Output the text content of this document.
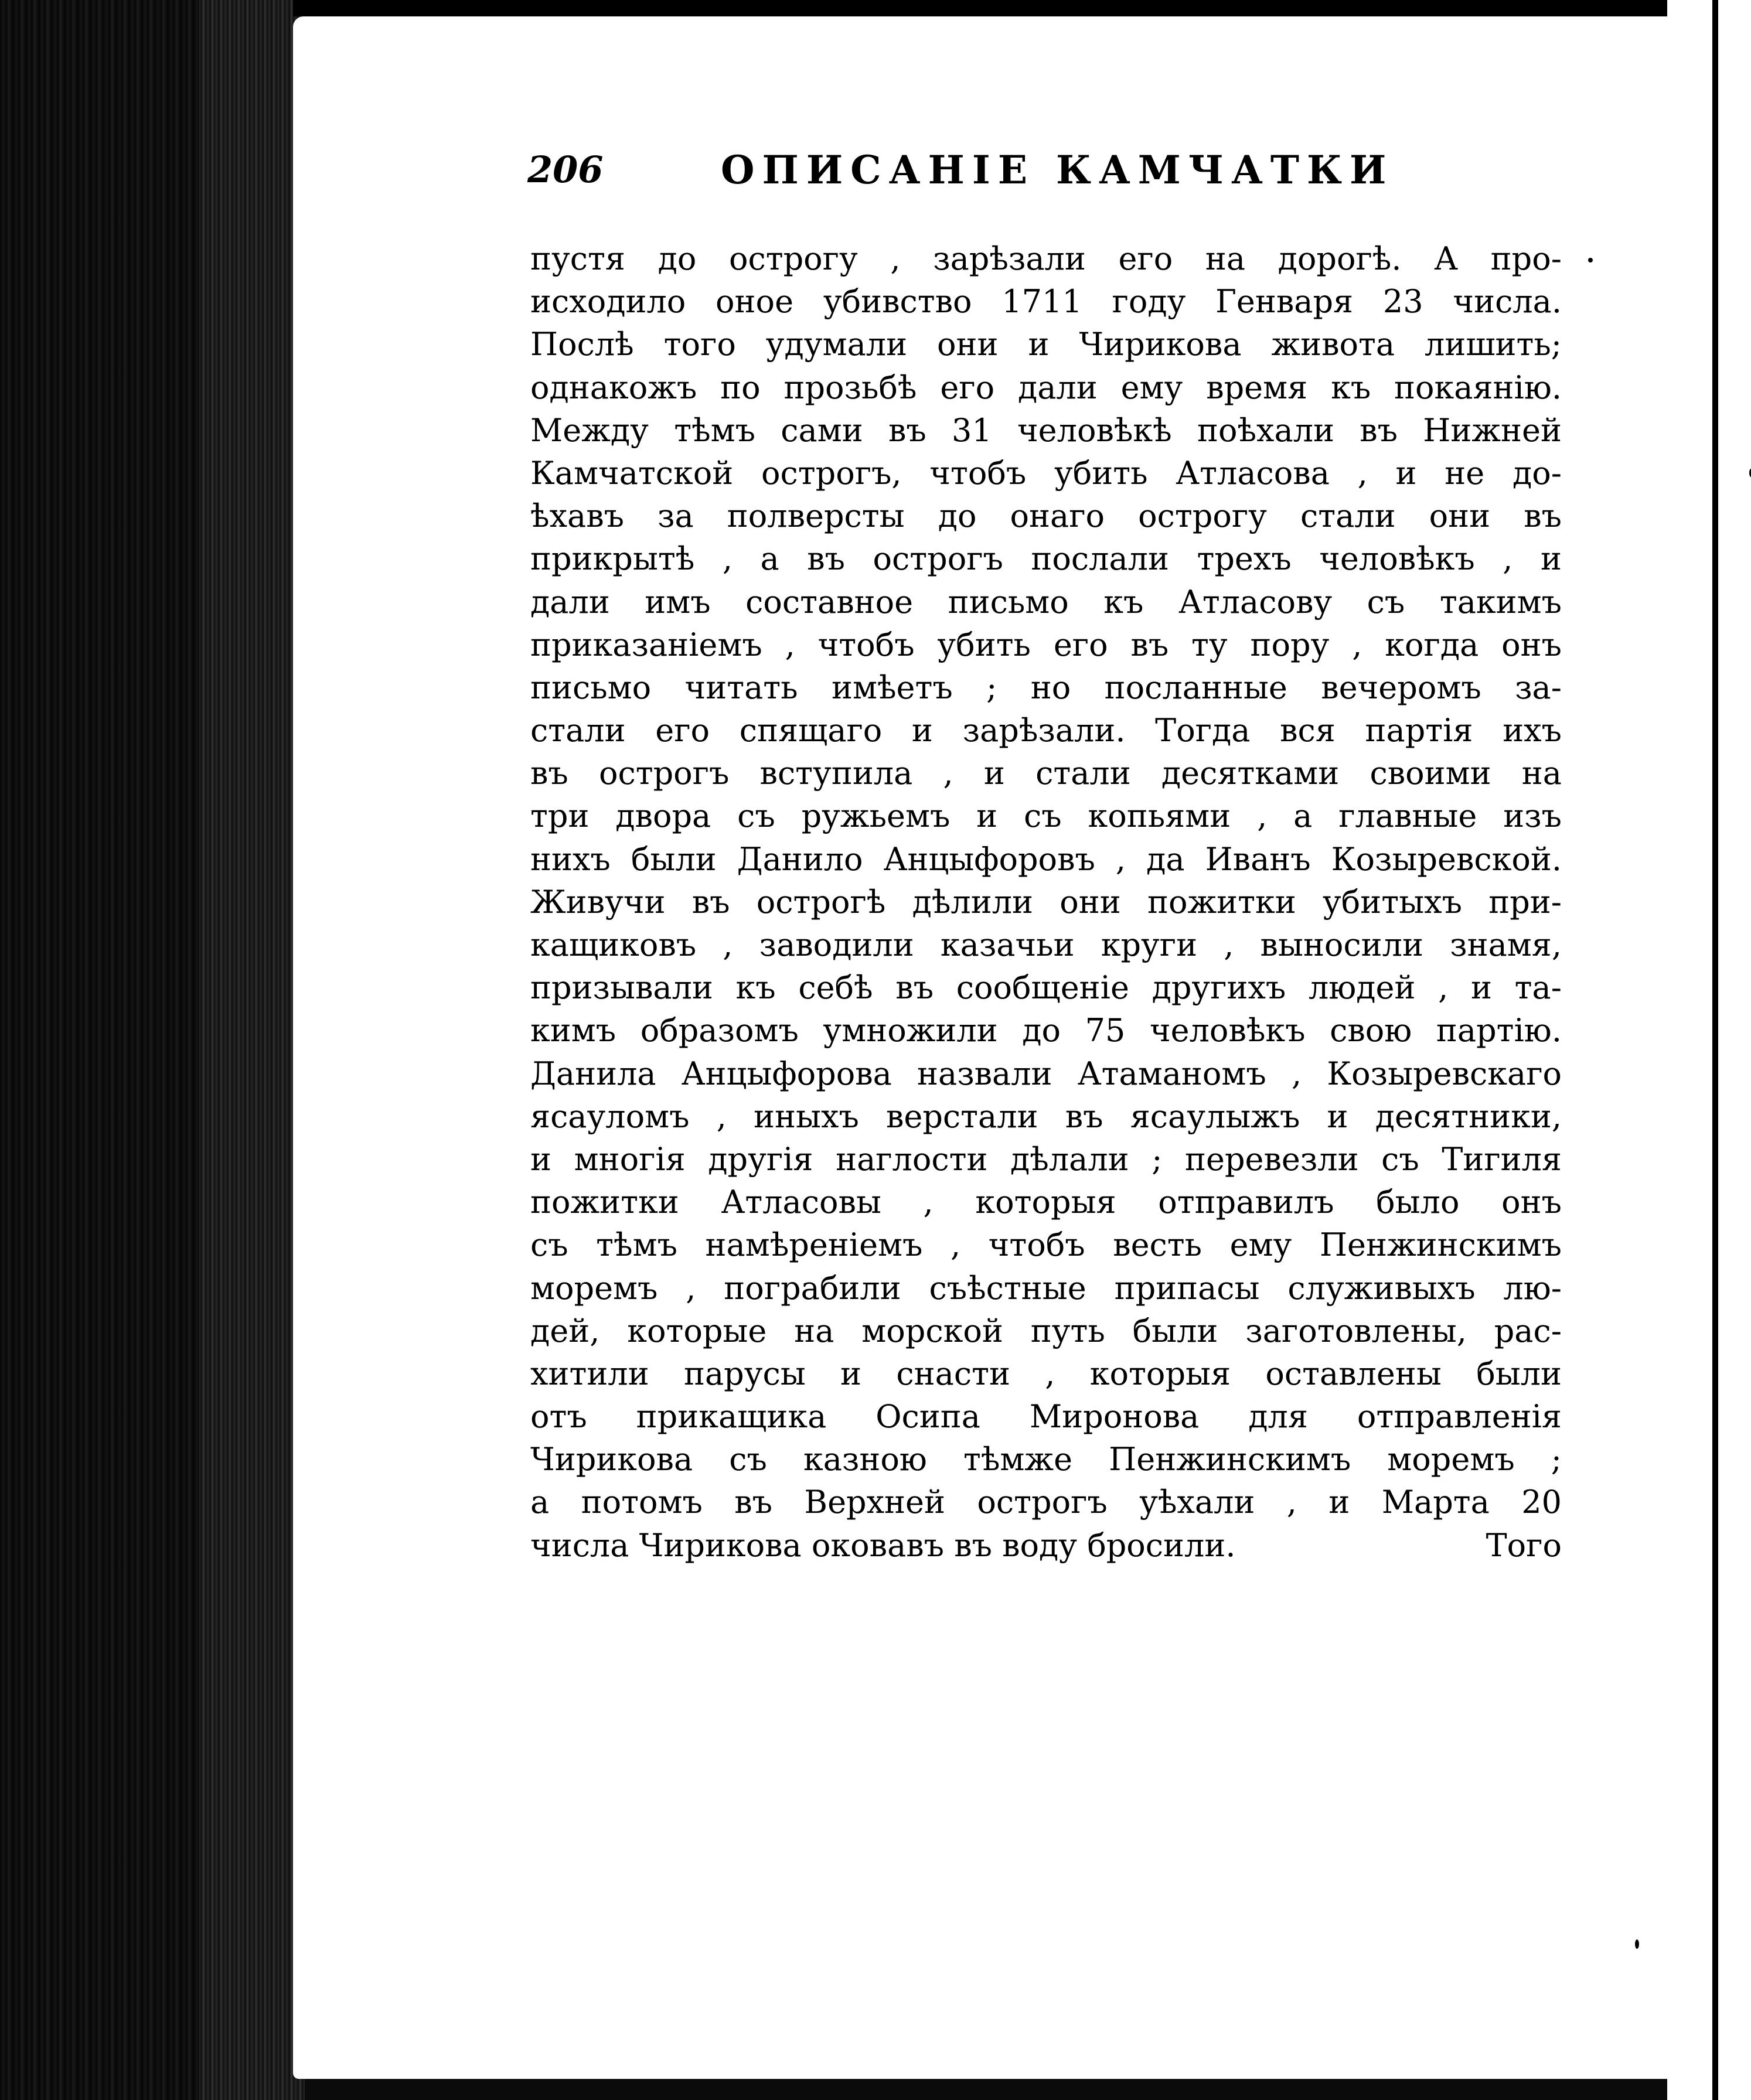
206	ОПИСАНІЕ КАМЧАТКИ
пустя до острогу , зарѣзали его на дорогѣ. А про-
исходило оное убивство 1711 году Генваря 23 числа.
Послѣ того удумали они и Чирикова живота лишить;
однакожъ по прозьбѣ его дали ему время къ покаянію.
Между тѣмъ сами въ 31 человѣкѣ поѣхали въ Нижней
Камчатской острогъ, чтобъ убить Атласова , и не до-
ѣхавъ за полверсты до онаго острогу стали они въ
прикрытѣ , а въ острогъ послали трехъ человѣкъ , и
дали имъ составное письмо къ Атласову съ такимъ
приказаніемъ , чтобъ убить его въ ту пору , когда онъ
письмо читать имѣетъ ; но посланные вечеромъ за-
стали его спящаго и зарѣзали. Тогда вся партія ихъ
въ острогъ вступила , и стали десятками своими на
три двора съ ружьемъ и съ копьями , а главные изъ
нихъ были Данило Анцыфоровъ , да Иванъ Козыревской.
Живучи въ острогѣ дѣлили они пожитки убитыхъ при-
кащиковъ , заводили казачьи круги , выносили знамя,
призывали къ себѣ въ сообщеніе другихъ людей , и та-
кимъ образомъ умножили до 75 человѣкъ свою партію.
Данила Анцыфорова назвали Атаманомъ , Козыревскаго
ясауломъ , иныхъ верстали въ ясаулыжъ и десятники,
и многія другія наглости дѣлали ; перевезли съ Тигиля
пожитки Атласовы , которыя отправилъ было онъ
съ тѣмъ намѣреніемъ , чтобъ весть ему Пенжинскимъ
моремъ , пограбили съѣстные припасы служивыхъ лю-
дей, которые на морской путь были заготовлены, рас-
хитили парусы и снасти , которыя оставлены были
отъ прикащика Осипа Миронова для отправленія
Чирикова съ казною тѣмже Пенжинскимъ моремъ ;
а потомъ въ Верхней острогъ уѣхали , и Марта 20
числа Чирикова оковавъ въ воду бросили.	Того
